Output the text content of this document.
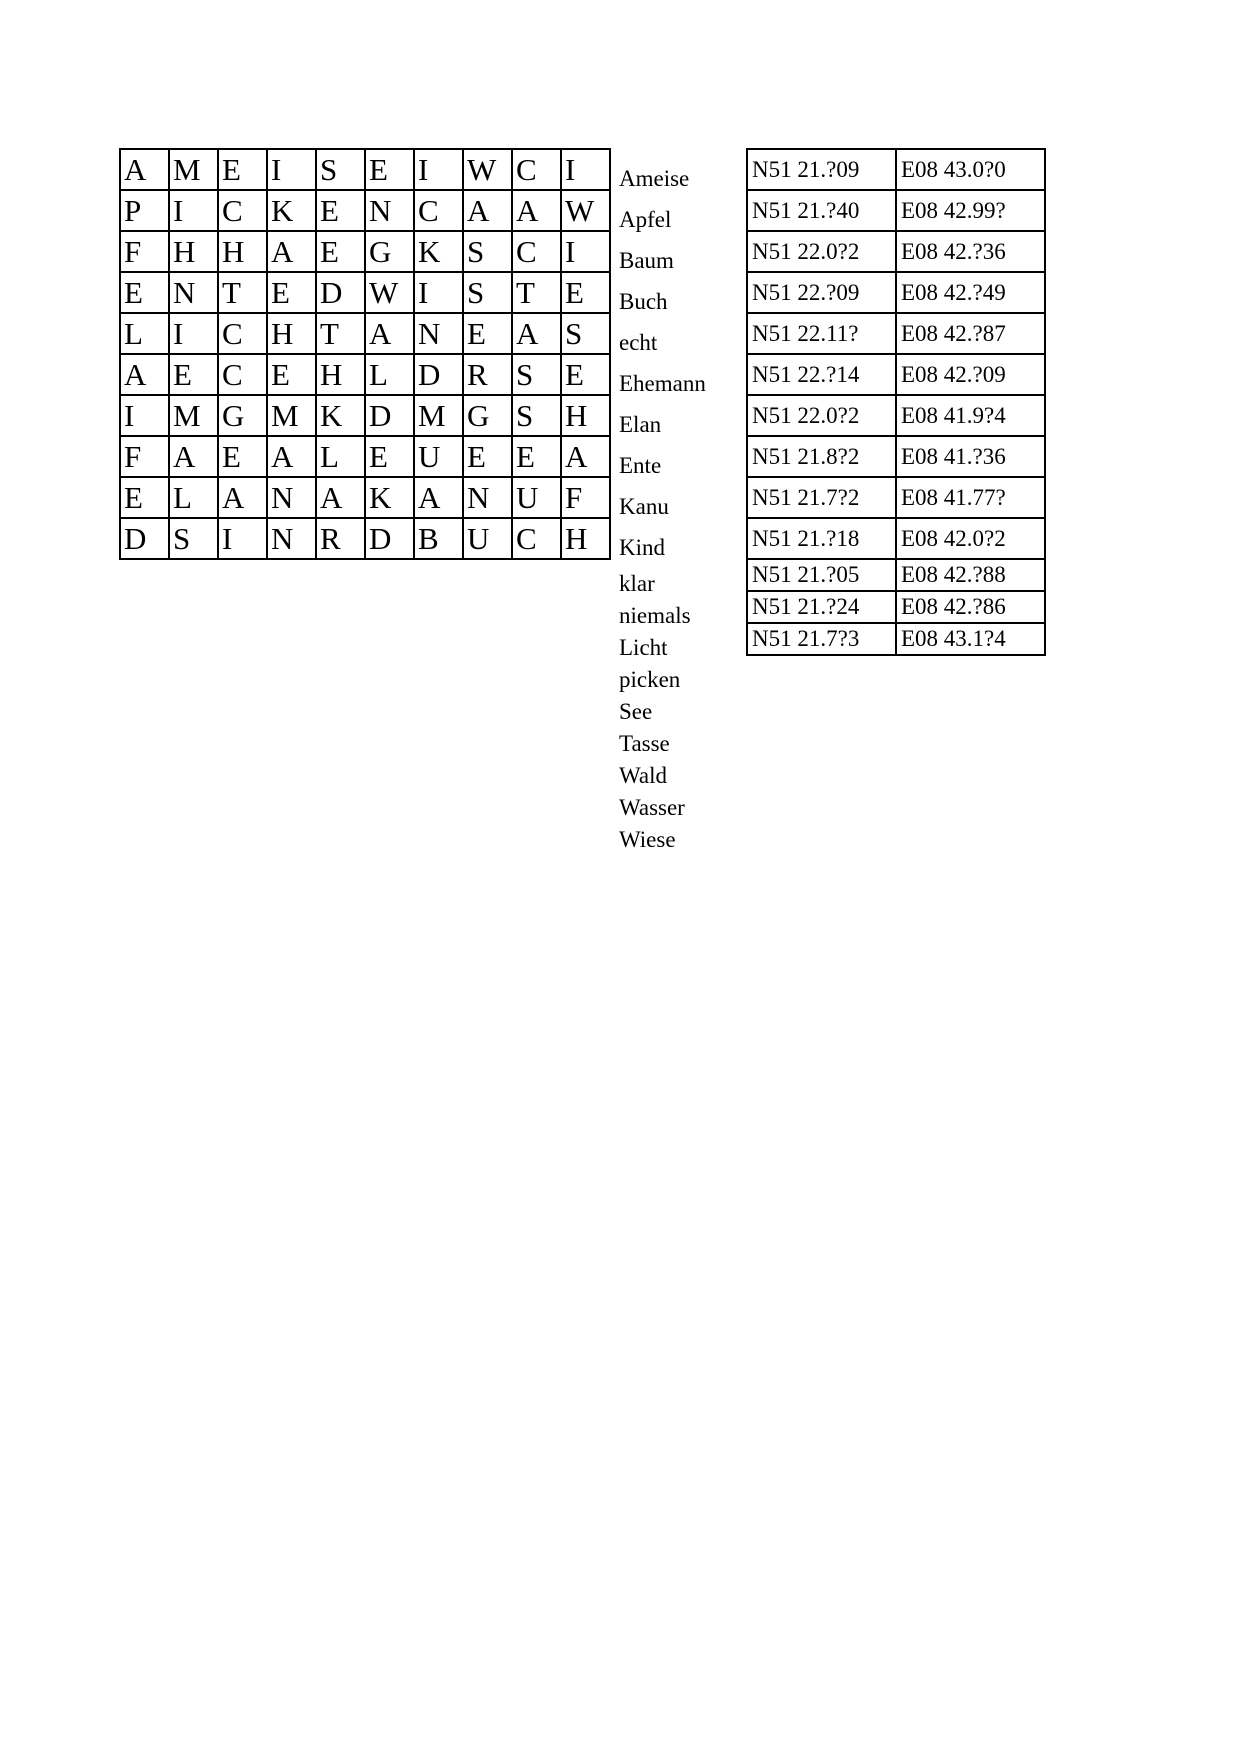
A	M	E	I	S	E	I	W	C	I
P	I	C	K	E	N	C	A	A	W
F	H	H	A	E	G	K	S	C	I
E	N	T	E	D	W	I	S	T	E
L	I	C	H	T	A	N	E	A	S
A	E	C	E	H	L	D	R	S	E
I	M	G	M	K	D	M	G	S	H
F	A	E	A	L	E	U	E	E	A
E	L	A	N	A	K	A	N	U	F
D	S	I	N	R	D	B	U	C	H
Ameise
Apfel
Baum
Buch
echt
Ehemann
Elan
Ente
Kanu
Kind
klar
niemals
Licht
picken
See
Tasse
Wald
Wasser
Wiese
N51 21.?09	E08 43.0?0
N51 21.?40	E08 42.99?
N51 22.0?2	E08 42.?36
N51 22.?09	E08 42.?49
N51 22.11?	E08 42.?87
N51 22.?14	E08 42.?09
N51 22.0?2	E08 41.9?4
N51 21.8?2	E08 41.?36
N51 21.7?2	E08 41.77?
N51 21.?18	E08 42.0?2
N51 21.?05	E08 42.?88
N51 21.?24	E08 42.?86
N51 21.7?3	E08 43.1?4
